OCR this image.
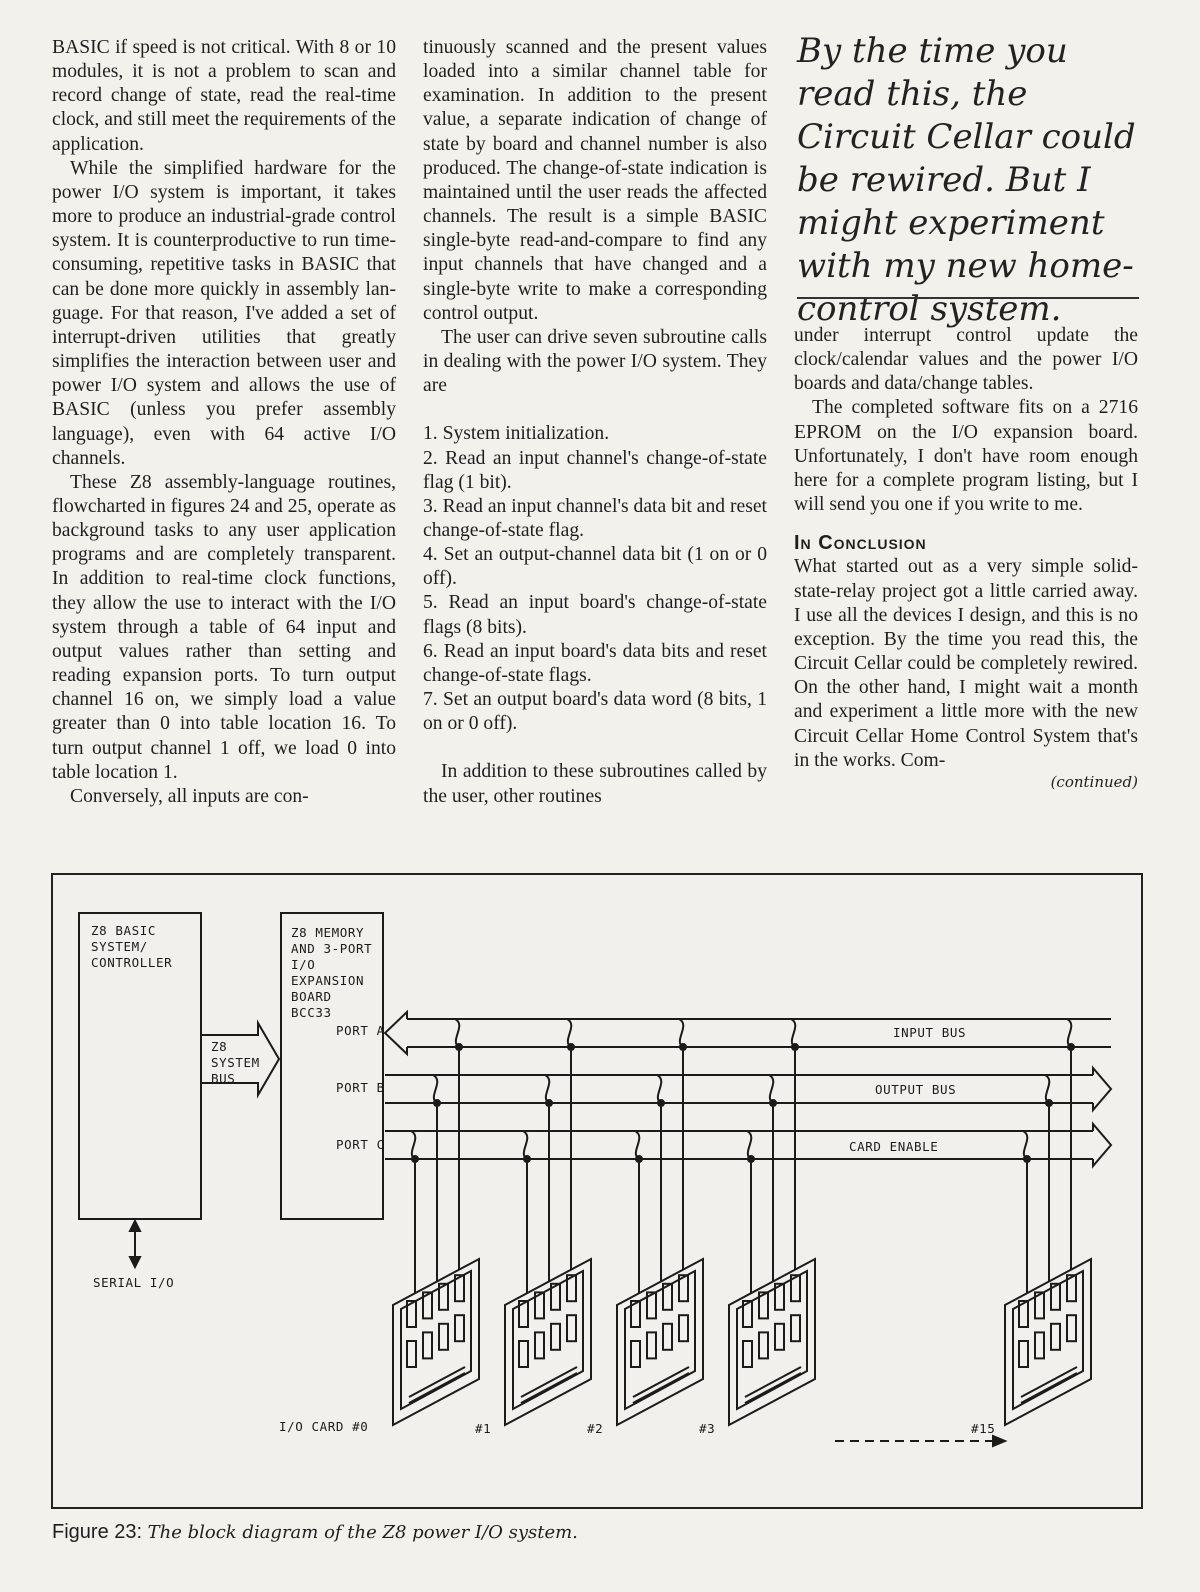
BASIC if speed is not critical. With 8 or 10 modules, it is not a problem to scan and record change of state, read the real-time clock, and still meet the requirements of the application.

While the simplified hardware for the power I/O system is important, it takes more to produce an industrial-grade control system. It is counterproductive to run time-consuming, repetitive tasks in BASIC that can be done more quickly in assembly language. For that reason, I've added a set of interrupt-driven utilities that greatly simplifies the interaction between user and power I/O system and allows the use of BASIC (unless you prefer assembly language), even with 64 active I/O channels.

These Z8 assembly-language routines, flowcharted in figures 24 and 25, operate as background tasks to any user application programs and are completely transparent. In addition to real-time clock functions, they allow the use to interact with the I/O system through a table of 64 input and output values rather than setting and reading expansion ports. To turn output channel 16 on, we simply load a value greater than 0 into table location 16. To turn output channel 1 off, we load 0 into table location 1.

Conversely, all inputs are con-

tinuously scanned and the present values loaded into a similar channel table for examination. In addition to the present value, a separate indication of change of state by board and channel number is also produced. The change-of-state indication is maintained until the user reads the affected channels. The result is a simple BASIC single-byte read-and-compare to find any input channels that have changed and a single-byte write to make a corresponding control output.

The user can drive seven subroutine calls in dealing with the power I/O system. They are

1. System initialization.
2. Read an input channel's change-of-state flag (1 bit).
3. Read an input channel's data bit and reset change-of-state flag.
4. Set an output-channel data bit (1 on or 0 off).
5. Read an input board's change-of-state flags (8 bits).
6. Read an input board's data bits and reset change-of-state flags.
7. Set an output board's data word (8 bits, 1 on or 0 off).

In addition to these subroutines called by the user, other routines

By the time you read this, the Circuit Cellar could be rewired. But I might experiment with my new home-control system.

under interrupt control update the clock/calendar values and the power I/O boards and data/change tables.

The completed software fits on a 2716 EPROM on the I/O expansion board. Unfortunately, I don't have room enough here for a complete program listing, but I will send you one if you write to me.

In Conclusion

What started out as a very simple solid-state-relay project got a little carried away. I use all the devices I design, and this is no exception. By the time you read this, the Circuit Cellar could be completely rewired. On the other hand, I might wait a month and experiment a little more with the new Circuit Cellar Home Control System that's in the works. Com-

(continued)
Z8 BASIC
SYSTEM/
CONTROLLER
Z8 MEMORY
AND 3-PORT
I/O
EXPANSION
BOARD
BCC33
Z8
SYSTEM
BUS
PORT A
PORT B
PORT C
INPUT BUS
OUTPUT BUS
CARD ENABLE
SERIAL I/O
I/O CARD #0	#1	#2	#3	#15
Figure 23: The block diagram of the Z8 power I/O system.
